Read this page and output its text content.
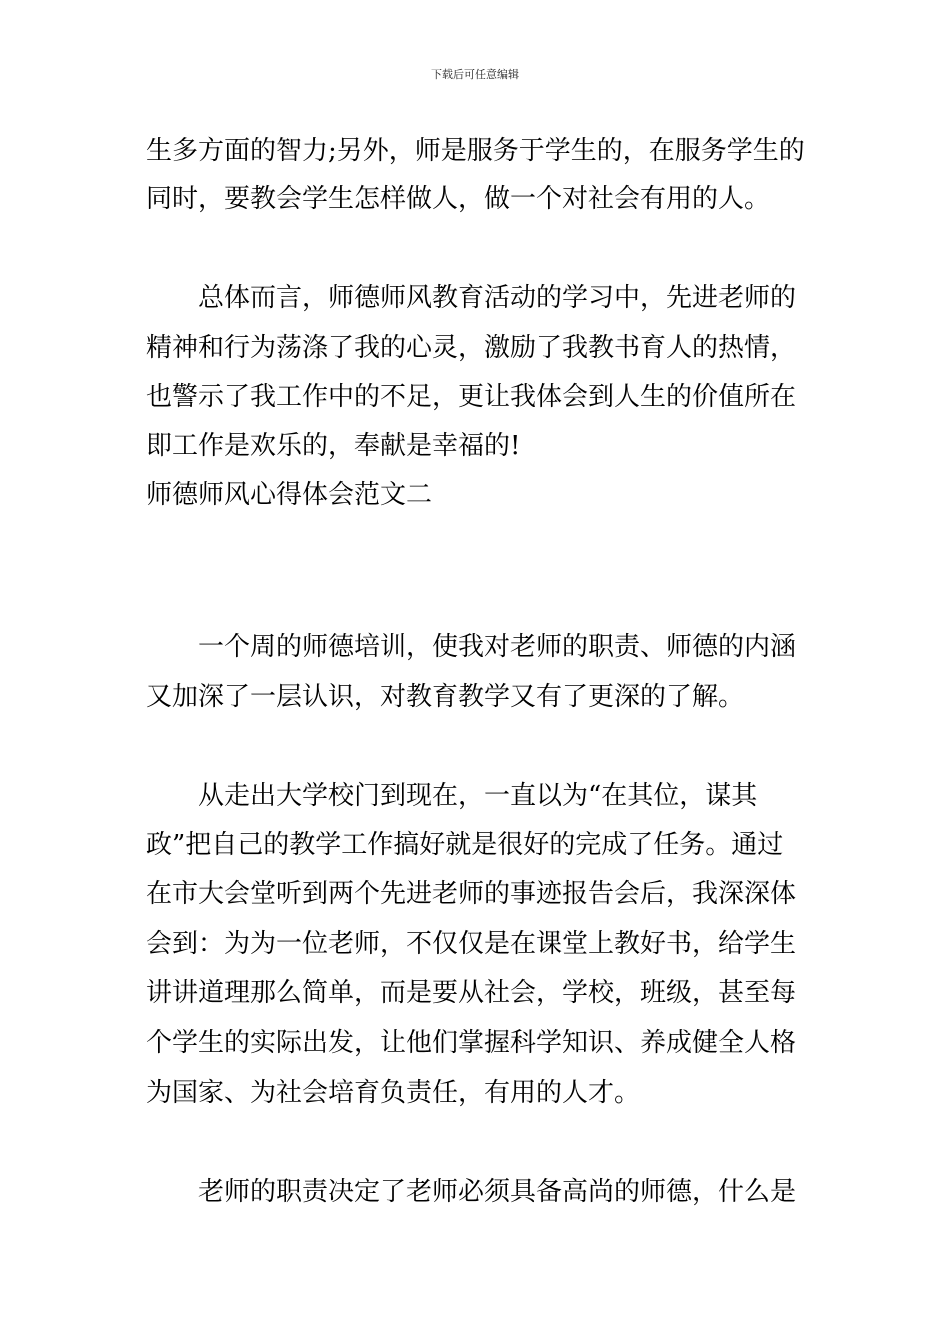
下载后可任意编辑
生多方面的智力;另外，师是服务于学生的，在服务学生的
同时，要教会学生怎样做人，做一个对社会有用的人。
总体而言，师德师风教育活动的学习中，先进老师的
精神和行为荡涤了我的心灵，激励了我教书育人的热情，
也警示了我工作中的不足，更让我体会到人生的价值所在
即工作是欢乐的，奉献是幸福的!
师德师风心得体会范文二
一个周的师德培训，使我对老师的职责、师德的内涵
又加深了一层认识，对教育教学又有了更深的了解。
从走出大学校门到现在，一直以为“在其位，谋其
政”把自己的教学工作搞好就是很好的完成了任务。通过
在市大会堂听到两个先进老师的事迹报告会后，我深深体
会到：为为一位老师，不仅仅是在课堂上教好书，给学生
讲讲道理那么简单，而是要从社会，学校，班级，甚至每
个学生的实际出发，让他们掌握科学知识、养成健全人格
为国家、为社会培育负责任，有用的人才。
老师的职责决定了老师必须具备高尚的师德，什么是
